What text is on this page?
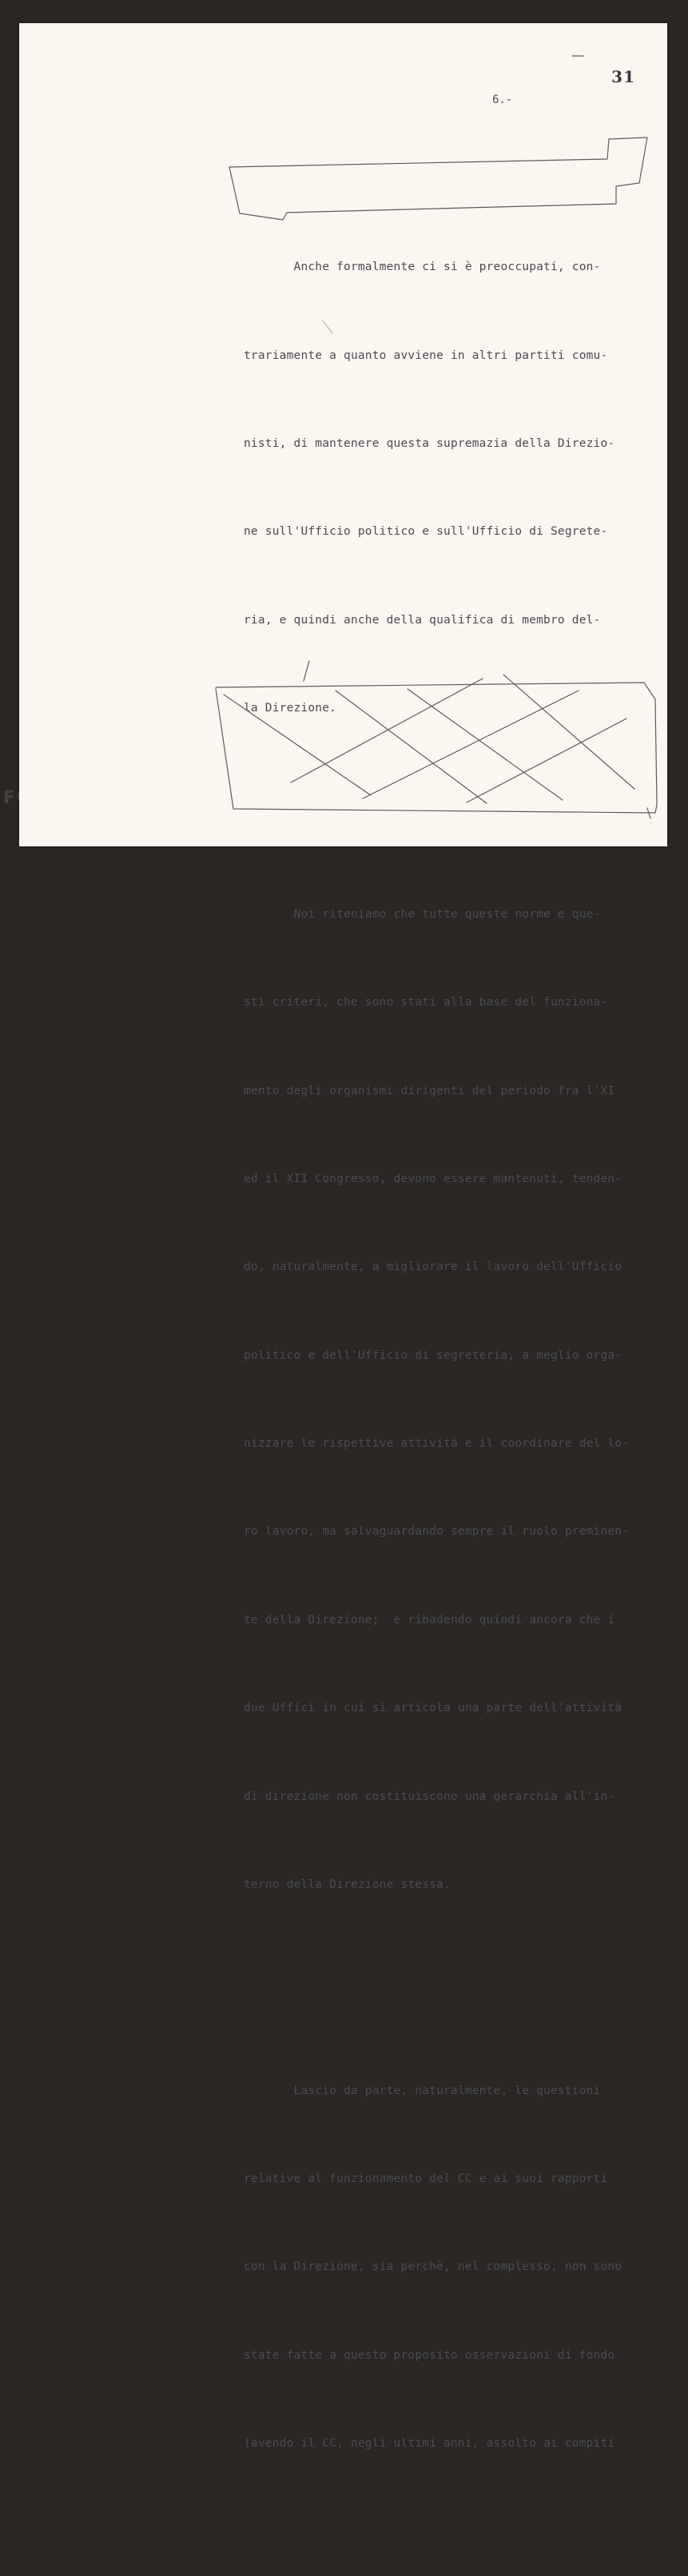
31
6.-

Anche formalmente ci si è preoccupati, con-

trariamente a quanto avviene in altri partiti comu-

nisti, di mantenere questa supremazia della Direzio-

ne sull'Ufficio politico e sull'Ufficio di Segrete-

ria, e quindi anche della qualifica di membro del-

la Direzione.

Noi riteniamo che tutte queste norme e que-

sti criteri, che sono stati alla base del funziona-

mento degli organismi dirigenti del periodo fra l'XI

ed il XII Congresso, devono essere mantenuti, tenden-

do, naturalmente, a migliorare il lavoro dell'Ufficio

politico e dell'Ufficio di segreteria, a meglio orga-

nizzare le rispettive attività e il coordinare del lo-

ro lavoro, ma salvaguardando sempre il ruolo preminen-

te della Direzione;  e ribadendo quindi ancora che i

due Uffici in cui si articola una parte dell'attività

di direzione non costituiscono una gerarchia all'in-

terno della Direzione stessa.

Lascio da parte, naturalmente, le questioni

relative al funzionamento del CC e ai suoi rapporti

con la Direzione, sia perchè, nel complesso, non sono

state fatte a questo proposito osservazioni di fondo

(avendo il CC, negli ultimi anni, assolto ai compiti

FONDAZIONE
GRAMSCI
